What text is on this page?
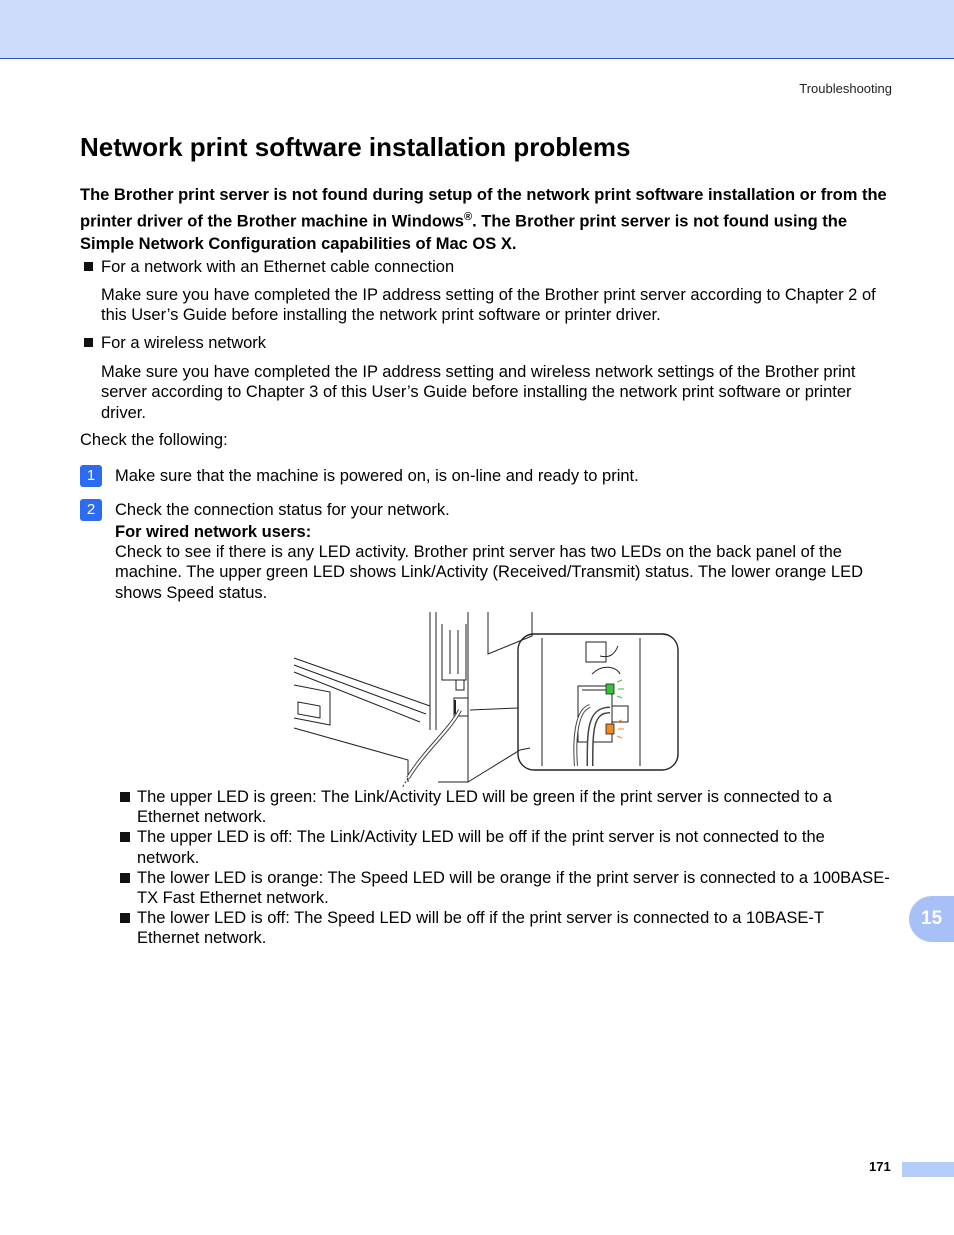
Troubleshooting
Network print software installation problems
The Brother print server is not found during setup of the network print software installation or from the printer driver of the Brother machine in Windows®. The Brother print server is not found using the Simple Network Configuration capabilities of Mac OS X.
For a network with an Ethernet cable connection
Make sure you have completed the IP address setting of the Brother print server according to Chapter 2 of this User’s Guide before installing the network print software or printer driver.
For a wireless network
Make sure you have completed the IP address setting and wireless network settings of the Brother print server according to Chapter 3 of this User’s Guide before installing the network print software or printer driver.
Check the following:
1	Make sure that the machine is powered on, is on-line and ready to print.
2	Check the connection status for your network.
For wired network users:
Check to see if there is any LED activity. Brother print server has two LEDs on the back panel of the machine. The upper green LED shows Link/Activity (Received/Transmit) status. The lower orange LED shows Speed status.
The upper LED is green: The Link/Activity LED will be green if the print server is connected to a Ethernet network.
The upper LED is off: The Link/Activity LED will be off if the print server is not connected to the network.
The lower LED is orange: The Speed LED will be orange if the print server is connected to a 100BASE-TX Fast Ethernet network.
The lower LED is off: The Speed LED will be off if the print server is connected to a 10BASE-T Ethernet network.
15
171
